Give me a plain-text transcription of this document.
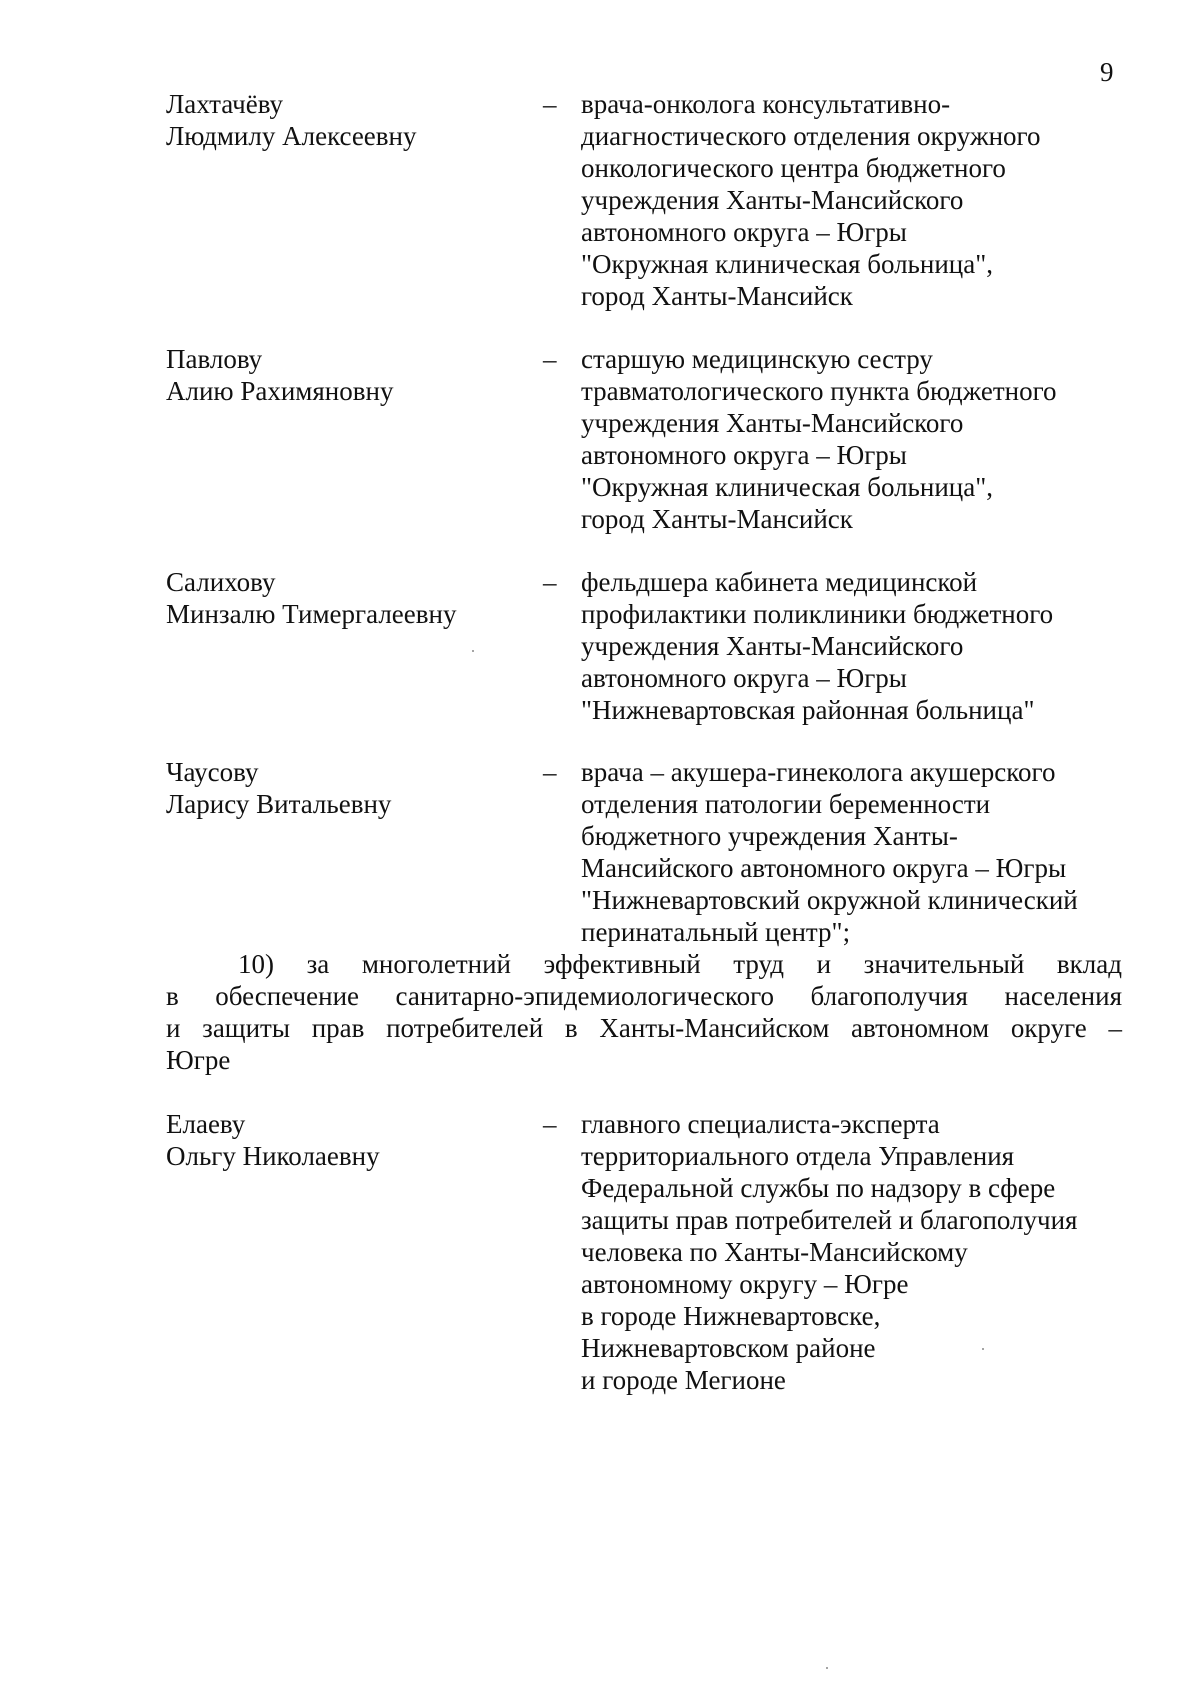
9
Лахтачёву
Людмилу Алексеевну
– врача-онколога консультативно-
диагностического отделения окружного
онкологического центра бюджетного
учреждения Ханты-Мансийского
автономного округа – Югры
"Окружная клиническая больница",
город Ханты-Мансийск
Павлову
Алию Рахимяновну
– старшую медицинскую сестру
травматологического пункта бюджетного
учреждения Ханты-Мансийского
автономного округа – Югры
"Окружная клиническая больница",
город Ханты-Мансийск
Салихову
Минзалю Тимергалеевну
– фельдшера кабинета медицинской
профилактики поликлиники бюджетного
учреждения Ханты-Мансийского
автономного округа – Югры
"Нижневартовская районная больница"
Чаусову
Ларису Витальевну
– врача – акушера-гинеколога акушерского
отделения патологии беременности
бюджетного учреждения Ханты-
Мансийского автономного округа – Югры
"Нижневартовский окружной клинический
перинатальный центр";
10) за многолетний эффективный труд и значительный вклад
в обеспечение санитарно-эпидемиологического благополучия населения
и защиты прав потребителей в Ханты-Мансийском автономном округе –
Югре
Елаеву
Ольгу Николаевну
– главного специалиста-эксперта
территориального отдела Управления
Федеральной службы по надзору в сфере
защиты прав потребителей и благополучия
человека по Ханты-Мансийскому
автономному округу – Югре
в городе Нижневартовске,
Нижневартовском районе
и городе Мегионе
